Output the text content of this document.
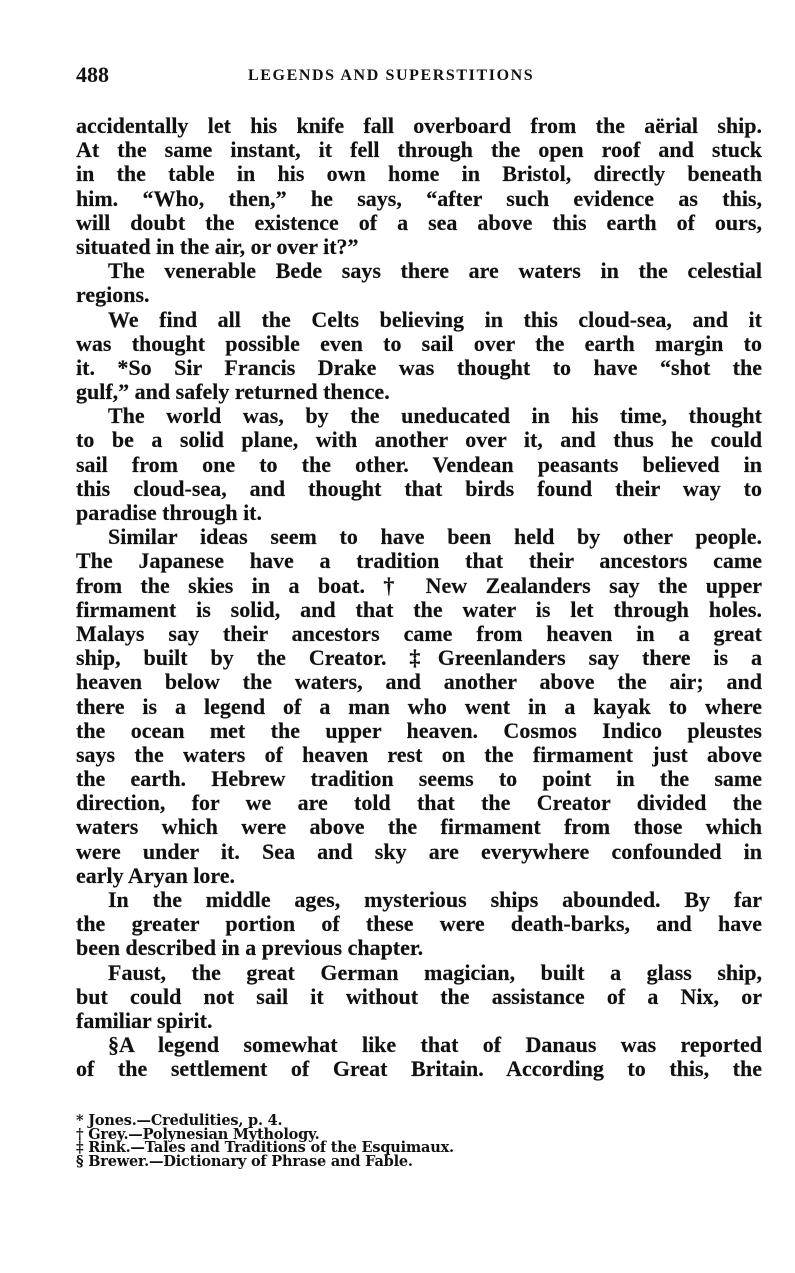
488	LEGENDS AND SUPERSTITIONS
accidentally let his knife fall overboard from the aërial ship.
At the same instant, it fell through the open roof and stuck
in the table in his own home in Bristol, directly beneath
him. “Who, then,” he says, “after such evidence as this,
will doubt the existence of a sea above this earth of ours,
situated in the air, or over it?”
The venerable Bede says there are waters in the celestial
regions.
We find all the Celts believing in this cloud-sea, and it
was thought possible even to sail over the earth margin to
it. *So Sir Francis Drake was thought to have “shot the
gulf,” and safely returned thence.
The world was, by the uneducated in his time, thought
to be a solid plane, with another over it, and thus he could
sail from one to the other. Vendean peasants believed in
this cloud-sea, and thought that birds found their way to
paradise through it.
Similar ideas seem to have been held by other people.
The Japanese have a tradition that their ancestors came
from the skies in a boat. † New Zealanders say the upper
firmament is solid, and that the water is let through holes.
Malays say their ancestors came from heaven in a great
ship, built by the Creator. ‡Greenlanders say there is a
heaven below the waters, and another above the air; and
there is a legend of a man who went in a kayak to where
the ocean met the upper heaven. Cosmos Indico pleustes
says the waters of heaven rest on the firmament just above
the earth. Hebrew tradition seems to point in the same
direction, for we are told that the Creator divided the
waters which were above the firmament from those which
were under it. Sea and sky are everywhere confounded in
early Aryan lore.
In the middle ages, mysterious ships abounded. By far
the greater portion of these were death-barks, and have
been described in a previous chapter.
Faust, the great German magician, built a glass ship,
but could not sail it without the assistance of a Nix, or
familiar spirit.
§A legend somewhat like that of Danaus was reported
of the settlement of Great Britain. According to this, the
* Jones.—Credulities, p. 4.
† Grey.—Polynesian Mythology.
‡ Rink.—Tales and Traditions of the Esquimaux.
§ Brewer.—Dictionary of Phrase and Fable.
